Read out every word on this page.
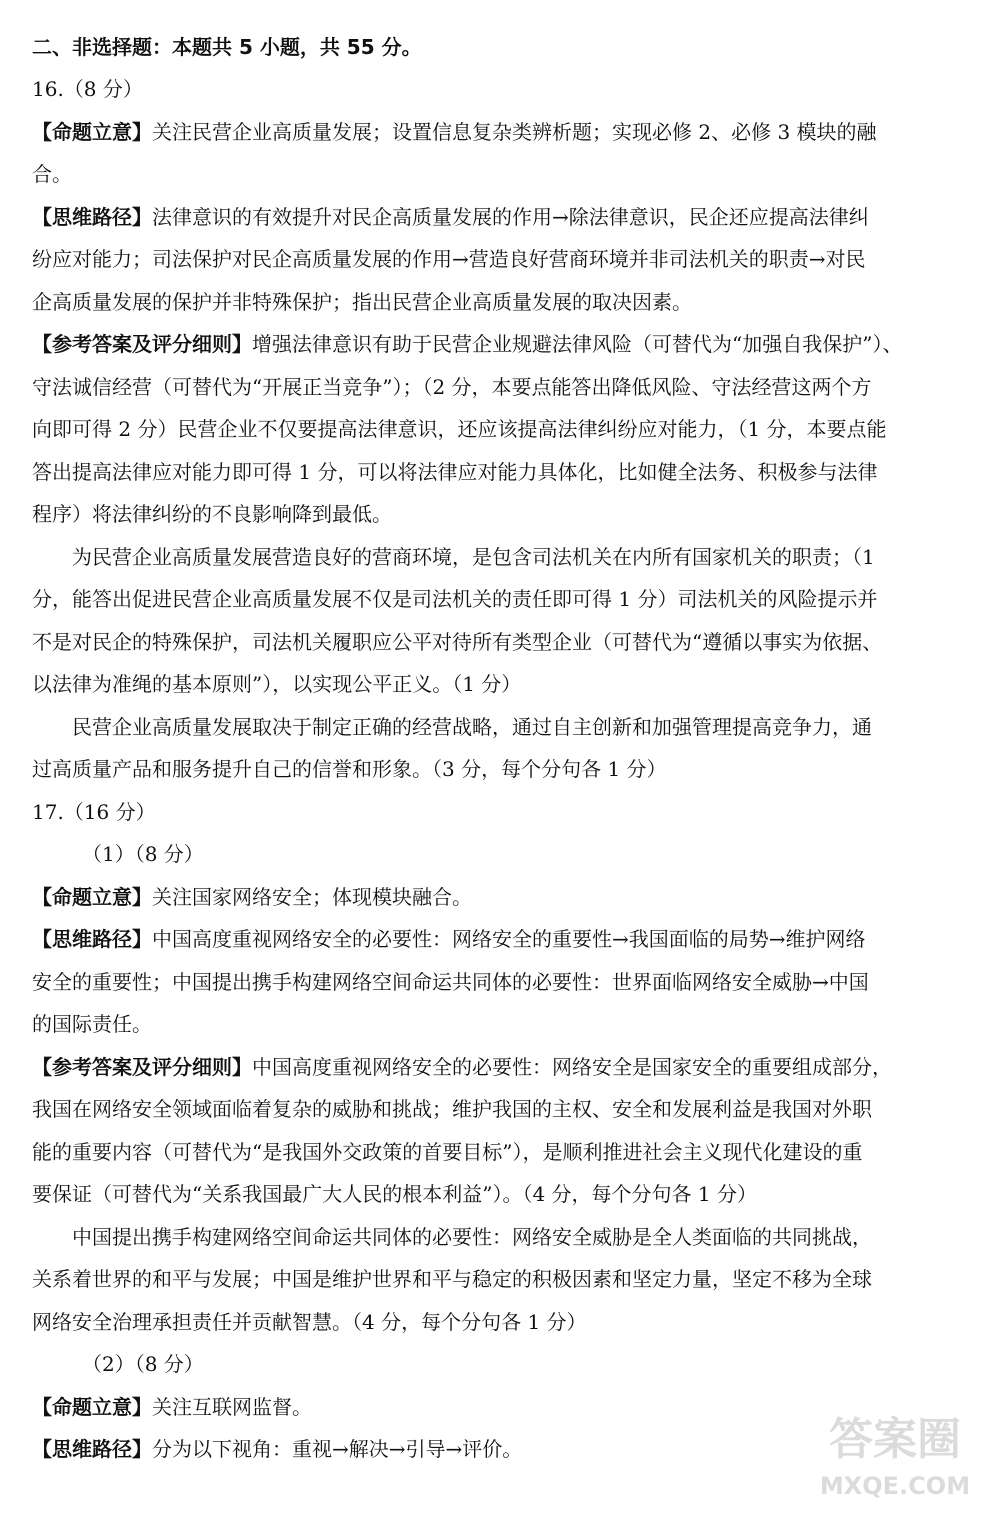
二、非选择题：本题共 5 小题，共 55 分。
16.（8 分）
【命题立意】关注民营企业高质量发展；设置信息复杂类辨析题；实现必修 2、必修 3 模块的融
合。
【思维路径】法律意识的有效提升对民企高质量发展的作用→除法律意识，民企还应提高法律纠
纷应对能力；司法保护对民企高质量发展的作用→营造良好营商环境并非司法机关的职责→对民
企高质量发展的保护并非特殊保护；指出民营企业高质量发展的取决因素。
【参考答案及评分细则】增强法律意识有助于民营企业规避法律风险（可替代为“加强自我保护”）、
守法诚信经营（可替代为“开展正当竞争”）；（2 分，本要点能答出降低风险、守法经营这两个方
向即可得 2 分）民营企业不仅要提高法律意识，还应该提高法律纠纷应对能力，（1 分，本要点能
答出提高法律应对能力即可得 1 分，可以将法律应对能力具体化，比如健全法务、积极参与法律
程序）将法律纠纷的不良影响降到最低。
为民营企业高质量发展营造良好的营商环境，是包含司法机关在内所有国家机关的职责；（1
分，能答出促进民营企业高质量发展不仅是司法机关的责任即可得 1 分）司法机关的风险提示并
不是对民企的特殊保护，司法机关履职应公平对待所有类型企业（可替代为“遵循以事实为依据、
以法律为准绳的基本原则”），以实现公平正义。（1 分）
民营企业高质量发展取决于制定正确的经营战略，通过自主创新和加强管理提高竞争力，通
过高质量产品和服务提升自己的信誉和形象。（3 分，每个分句各 1 分）
17.（16 分）
（1）（8 分）
【命题立意】关注国家网络安全；体现模块融合。
【思维路径】中国高度重视网络安全的必要性：网络安全的重要性→我国面临的局势→维护网络
安全的重要性；中国提出携手构建网络空间命运共同体的必要性：世界面临网络安全威胁→中国
的国际责任。
【参考答案及评分细则】中国高度重视网络安全的必要性：网络安全是国家安全的重要组成部分，
我国在网络安全领域面临着复杂的威胁和挑战；维护我国的主权、安全和发展利益是我国对外职
能的重要内容（可替代为“是我国外交政策的首要目标”），是顺利推进社会主义现代化建设的重
要保证（可替代为“关系我国最广大人民的根本利益”）。（4 分，每个分句各 1 分）
中国提出携手构建网络空间命运共同体的必要性：网络安全威胁是全人类面临的共同挑战，
关系着世界的和平与发展；中国是维护世界和平与稳定的积极因素和坚定力量，坚定不移为全球
网络安全治理承担责任并贡献智慧。（4 分，每个分句各 1 分）
（2）（8 分）
【命题立意】关注互联网监督。
【思维路径】分为以下视角：重视→解决→引导→评价。	答案圈
MXQE.COM
